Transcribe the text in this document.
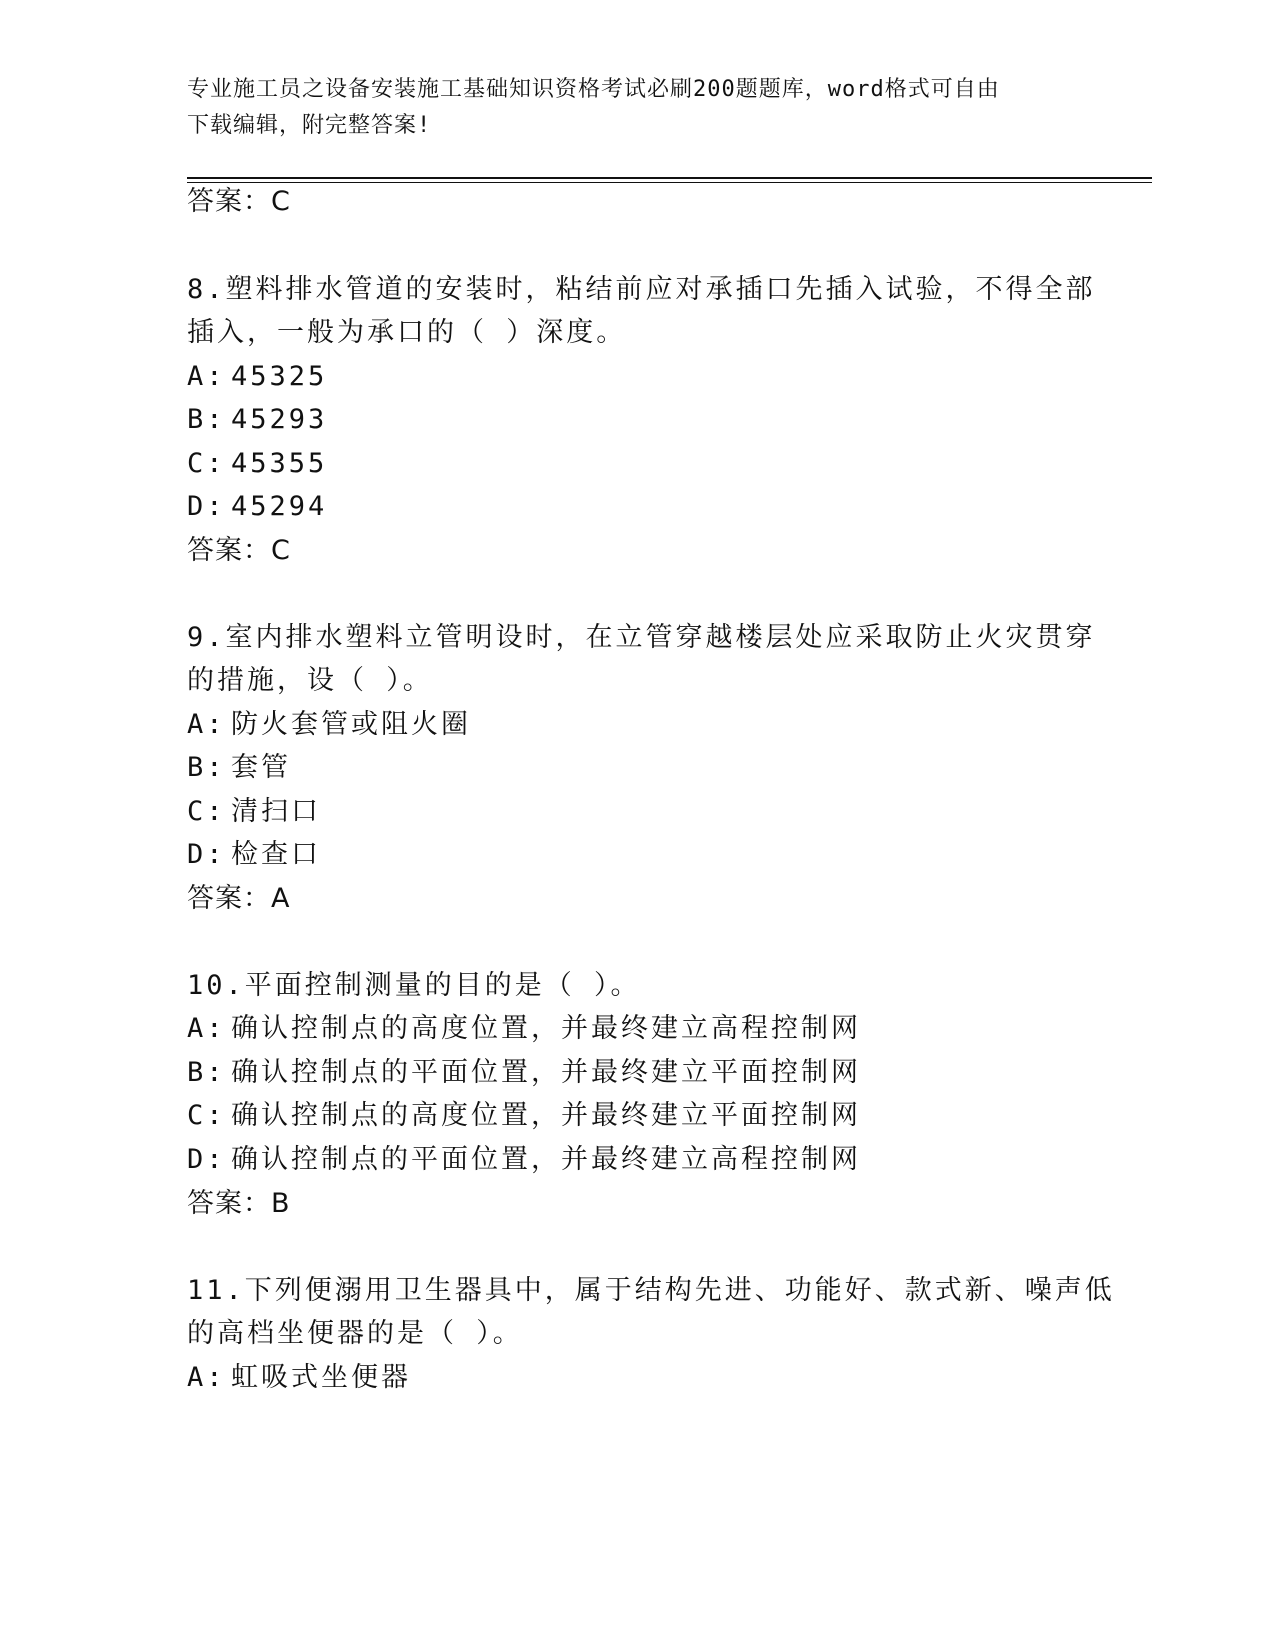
专业施工员之设备安装施工基础知识资格考试必刷200题题库，word格式可自由
下载编辑，附完整答案!
答案：C
8.塑料排水管道的安装时，粘结前应对承插口先插入试验，不得全部
插入，一般为承口的（ ）深度。
A: 45325
B: 45293
C: 45355
D: 45294
答案：C
9.室内排水塑料立管明设时，在立管穿越楼层处应采取防止火灾贯穿
的措施，设（ ）。
A: 防火套管或阻火圈
B: 套管
C: 清扫口
D: 检查口
答案：A
10.平面控制测量的目的是（ ）。
A: 确认控制点的高度位置，并最终建立高程控制网
B: 确认控制点的平面位置，并最终建立平面控制网
C: 确认控制点的高度位置，并最终建立平面控制网
D: 确认控制点的平面位置，并最终建立高程控制网
答案：B
11.下列便溺用卫生器具中，属于结构先进、功能好、款式新、噪声低
的高档坐便器的是（ ）。
A: 虹吸式坐便器
